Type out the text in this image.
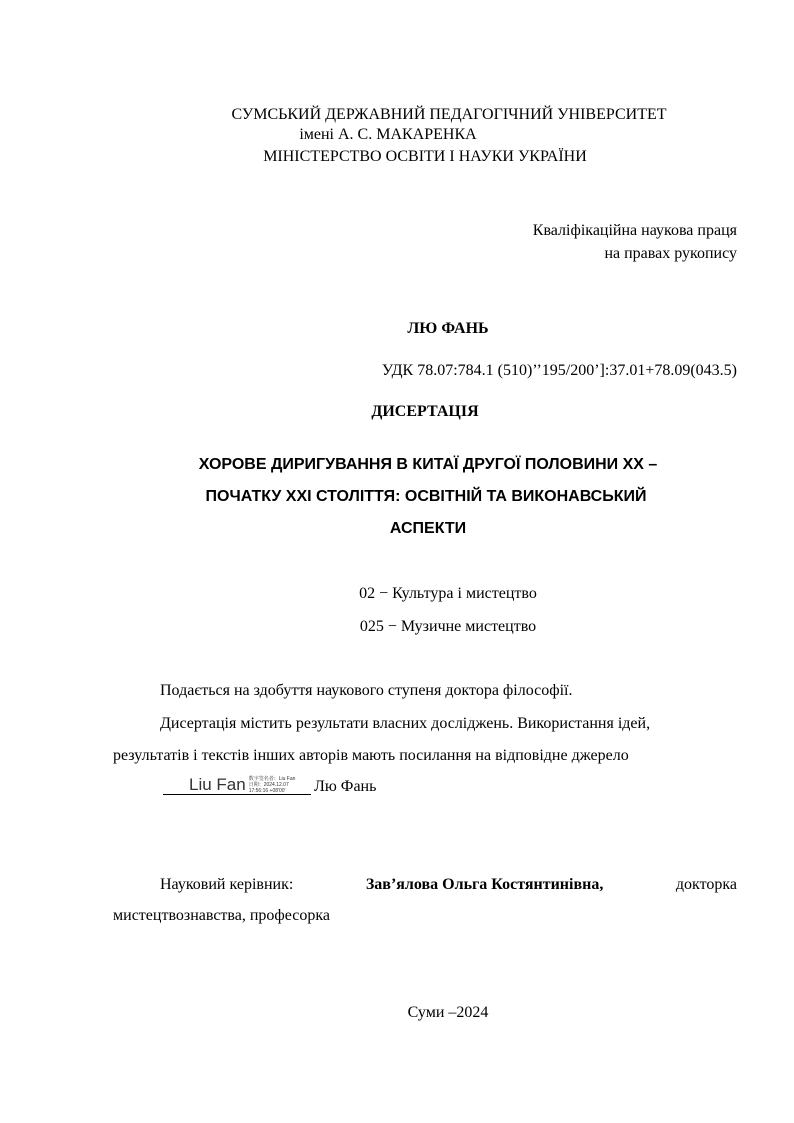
СУМСЬКИЙ ДЕРЖАВНИЙ ПЕДАГОГІЧНИЙ УНІВЕРСИТЕТ
імені А. С. МАКАРЕНКА
МІНІСТЕРСТВО ОСВІТИ І НАУКИ УКРАЇНИ
Кваліфікаційна наукова праця
на правах рукопису
ЛЮ ФАНЬ
УДК 78.07:784.1 (510)’’195/200’]:37.01+78.09(043.5)
ДИСЕРТАЦІЯ
ХОРОВЕ ДИРИГУВАННЯ В КИТАЇ ДРУГОЇ ПОЛОВИНИ ХХ –
ПОЧАТКУ ХХІ СТОЛІТТЯ: ОСВІТНІЙ ТА ВИКОНАВСЬКИЙ
АСПЕКТИ
02 − Культура і мистецтво
025 − Музичне мистецтво
Подається на здобуття наукового ступеня доктора філософії.
Дисертація містить результати власних досліджень. Використання ідей,
результатів і текстів інших авторів мають посилання на відповідне джерело
Liu Fan 数字签名者：Liu Fan
日期：2024.12.07
17:56:16 +08'00'	Лю Фань
Науковий керівник:	Зав’ялова Ольга Костянтинівна,	докторка
мистецтвознавства, професорка
Суми –2024
